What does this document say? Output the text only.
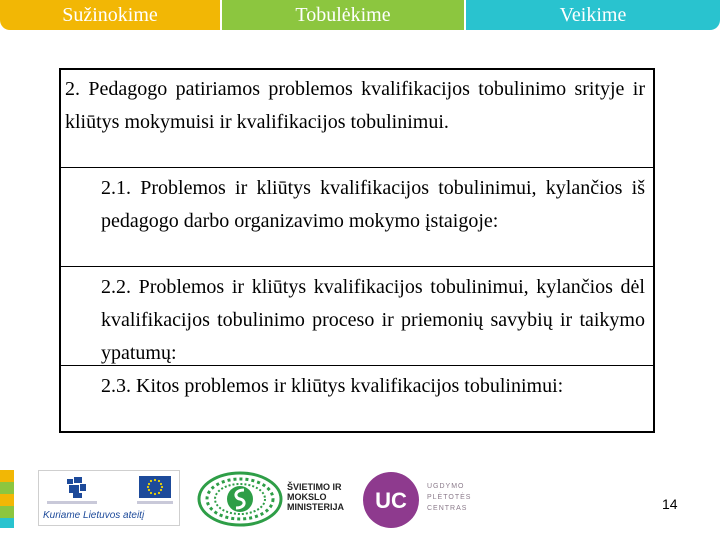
Sužinokime	Tobulėkime	Veikime
2. Pedagogo patiriamos problemos kvalifikacijos tobulinimo srityje ir kliūtys mokymuisi ir kvalifikacijos tobulinimui.
2.1. Problemos ir kliūtys kvalifikacijos tobulinimui, kylančios iš pedagogo darbo organizavimo mokymo įstaigoje:
2.2. Problemos ir kliūtys kvalifikacijos tobulinimui, kylančios dėl kvalifikacijos tobulinimo proceso ir priemonių savybių ir taikymo ypatumų:
2.3. Kitos problemos ir kliūtys kvalifikacijos tobulinimui:
Kuriame Lietuvos ateitį
ŠVIETIMO IR MOKSLO MINISTERIJA	UC
UGDYMO PLĖTOTĖS CENTRAS	14
